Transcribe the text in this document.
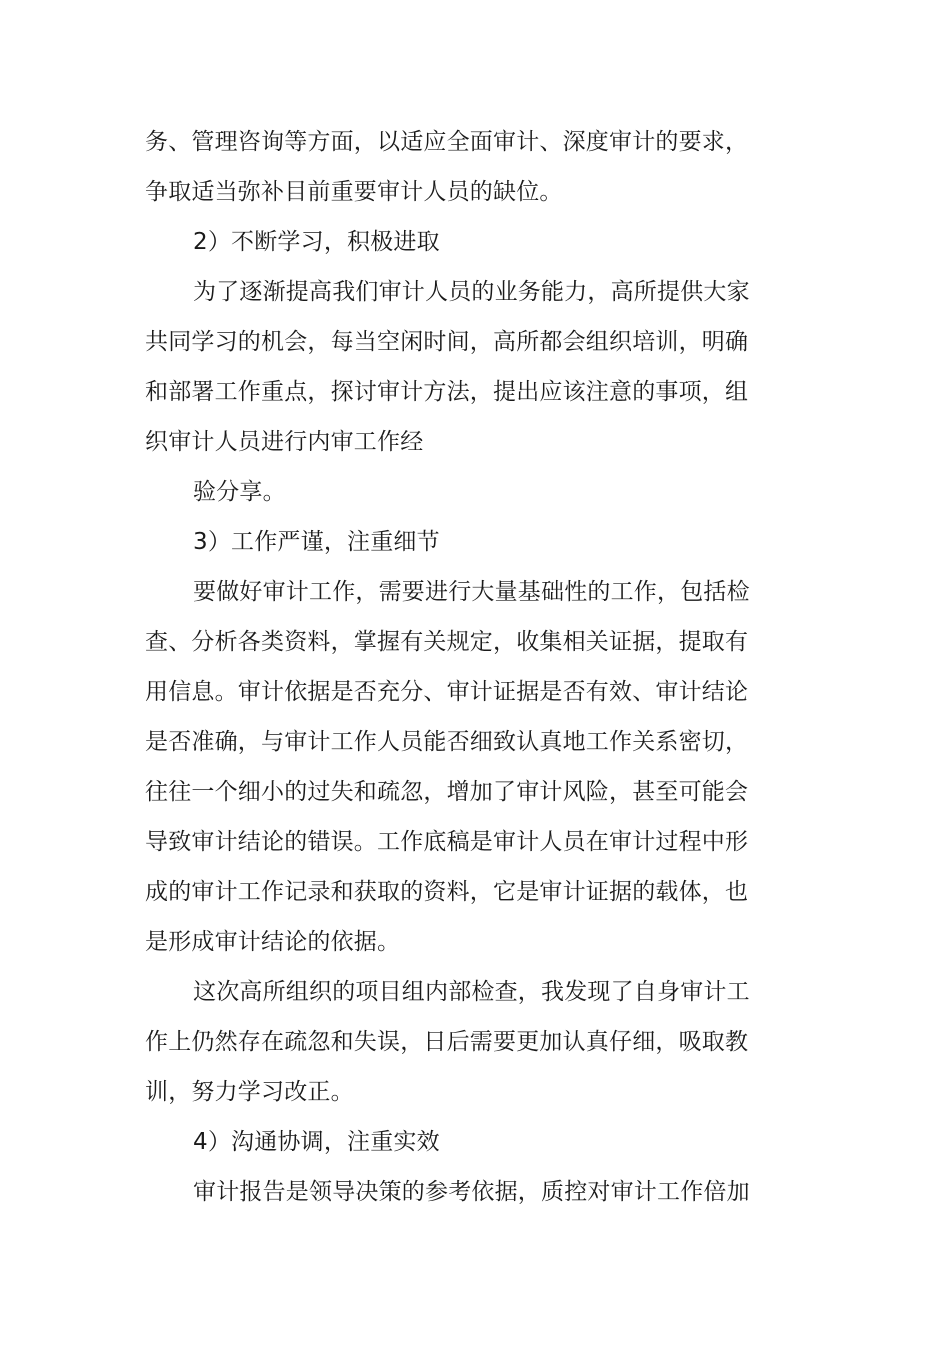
务、管理咨询等方面，以适应全面审计、深度审计的要求，
争取适当弥补目前重要审计人员的缺位。
2）不断学习，积极进取
为了逐渐提高我们审计人员的业务能力，高所提供大家
共同学习的机会，每当空闲时间，高所都会组织培训，明确
和部署工作重点，探讨审计方法，提出应该注意的事项，组
织审计人员进行内审工作经
验分享。
3）工作严谨，注重细节
要做好审计工作，需要进行大量基础性的工作，包括检
查、分析各类资料，掌握有关规定，收集相关证据，提取有
用信息。审计依据是否充分、审计证据是否有效、审计结论
是否准确，与审计工作人员能否细致认真地工作关系密切，
往往一个细小的过失和疏忽，增加了审计风险，甚至可能会
导致审计结论的错误。工作底稿是审计人员在审计过程中形
成的审计工作记录和获取的资料，它是审计证据的载体，也
是形成审计结论的依据。
这次高所组织的项目组内部检查，我发现了自身审计工
作上仍然存在疏忽和失误，日后需要更加认真仔细，吸取教
训，努力学习改正。
4）沟通协调，注重实效
审计报告是领导决策的参考依据，质控对审计工作倍加
